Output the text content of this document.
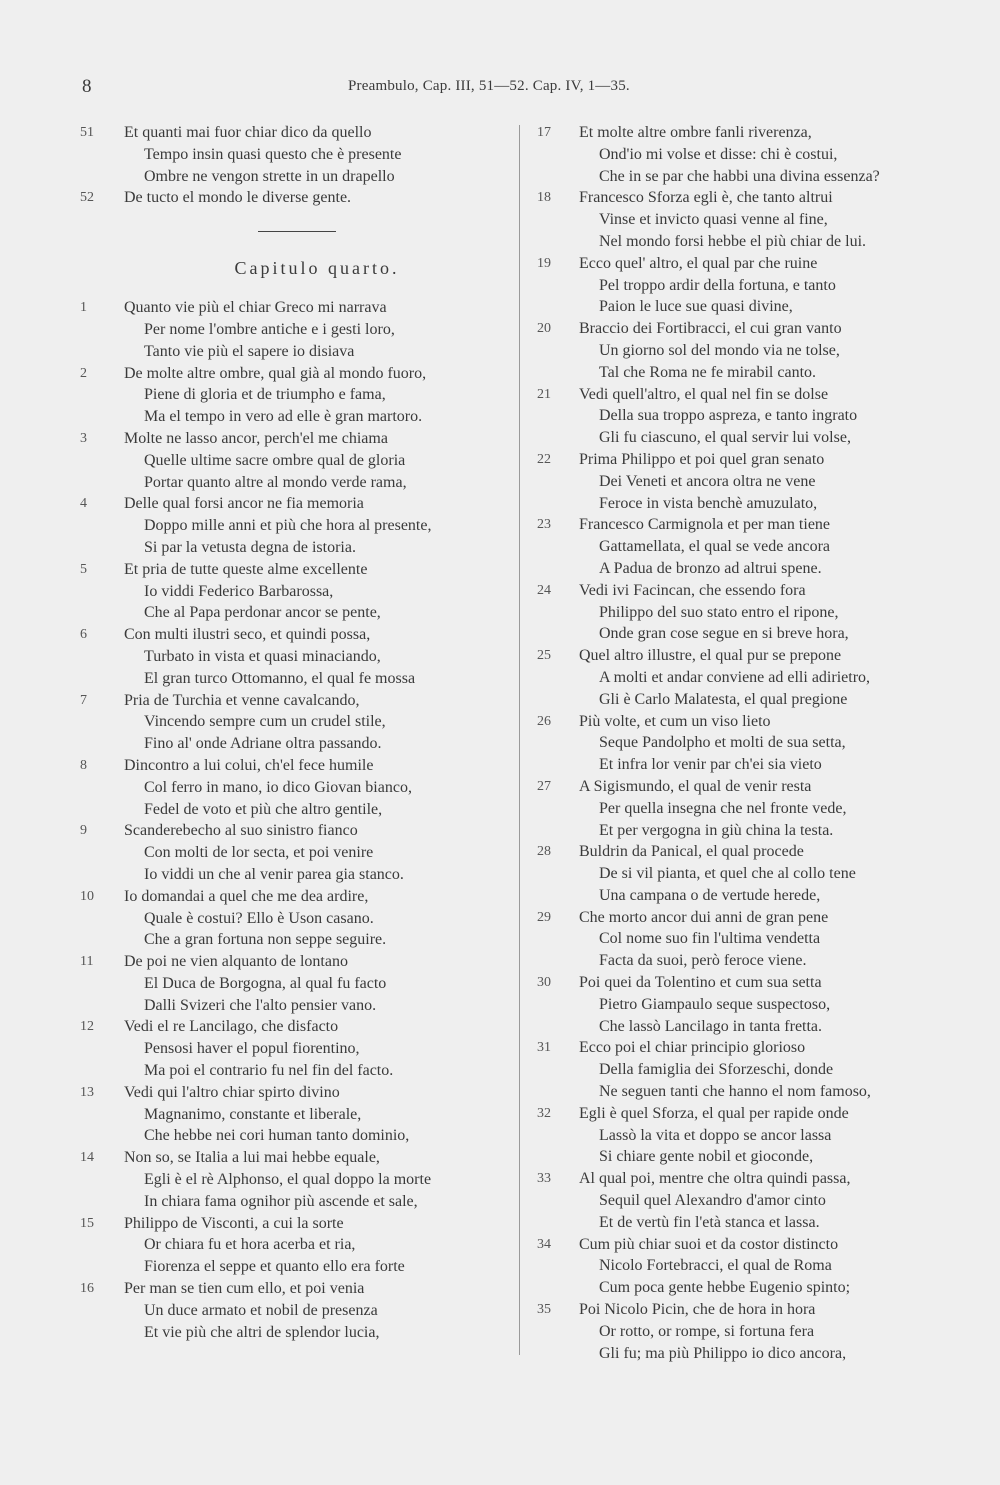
8	Preambulo, Cap. III, 51—52. Cap. IV, 1—35.
51	Et quanti mai fuor chiar dico da quello
Tempo insin quasi questo che è presente
Ombre ne vengon strette in un drapello
52	De tucto el mondo le diverse gente.
Capitulo quarto.
1	Quanto vie più el chiar Greco mi narrava
Per nome l'ombre antiche e i gesti loro,
Tanto vie più el sapere io disiava
2	De molte altre ombre, qual già al mondo fuoro,
Piene di gloria et de triumpho e fama,
Ma el tempo in vero ad elle è gran martoro.
3	Molte ne lasso ancor, perch'el me chiama
Quelle ultime sacre ombre qual de gloria
Portar quanto altre al mondo verde rama,
4	Delle qual forsi ancor ne fia memoria
Doppo mille anni et più che hora al presente,
Si par la vetusta degna de istoria.
5	Et pria de tutte queste alme excellente
Io viddi Federico Barbarossa,
Che al Papa perdonar ancor se pente,
6	Con multi ilustri seco, et quindi possa,
Turbato in vista et quasi minaciando,
El gran turco Ottomanno, el qual fe mossa
7	Pria de Turchia et venne cavalcando,
Vincendo sempre cum un crudel stile,
Fino al' onde Adriane oltra passando.
8	Dincontro a lui colui, ch'el fece humile
Col ferro in mano, io dico Giovan bianco,
Fedel de voto et più che altro gentile,
9	Scanderebecho al suo sinistro fianco
Con molti de lor secta, et poi venire
Io viddi un che al venir parea gia stanco.
10	Io domandai a quel che me dea ardire,
Quale è costui? Ello è Uson casano.
Che a gran fortuna non seppe seguire.
11	De poi ne vien alquanto de lontano
El Duca de Borgogna, al qual fu facto
Dalli Svizeri che l'alto pensier vano.
12	Vedi el re Lancilago, che disfacto
Pensosi haver el popul fiorentino,
Ma poi el contrario fu nel fin del facto.
13	Vedi qui l'altro chiar spirto divino
Magnanimo, constante et liberale,
Che hebbe nei cori human tanto dominio,
14	Non so, se Italia a lui mai hebbe equale,
Egli è el rè Alphonso, el qual doppo la morte
In chiara fama ognihor più ascende et sale,
15	Philippo de Visconti, a cui la sorte
Or chiara fu et hora acerba et ria,
Fiorenza el seppe et quanto ello era forte
16	Per man se tien cum ello, et poi venia
Un duce armato et nobil de presenza
Et vie più che altri de splendor lucia,
17	Et molte altre ombre fanli riverenza,
Ond'io mi volse et disse: chi è costui,
Che in se par che habbi una divina essenza?
18	Francesco Sforza egli è, che tanto altrui
Vinse et invicto quasi venne al fine,
Nel mondo forsi hebbe el più chiar de lui.
19	Ecco quel' altro, el qual par che ruine
Pel troppo ardir della fortuna, e tanto
Paion le luce sue quasi divine,
20	Braccio dei Fortibracci, el cui gran vanto
Un giorno sol del mondo via ne tolse,
Tal che Roma ne fe mirabil canto.
21	Vedi quell'altro, el qual nel fin se dolse
Della sua troppo aspreza, e tanto ingrato
Gli fu ciascuno, el qual servir lui volse,
22	Prima Philippo et poi quel gran senato
Dei Veneti et ancora oltra ne vene
Feroce in vista benchè amuzulato,
23	Francesco Carmignola et per man tiene
Gattamellata, el qual se vede ancora
A Padua de bronzo ad altrui spene.
24	Vedi ivi Facincan, che essendo fora
Philippo del suo stato entro el ripone,
Onde gran cose segue en si breve hora,
25	Quel altro illustre, el qual pur se prepone
A molti et andar conviene ad elli adirietro,
Gli è Carlo Malatesta, el qual pregione
26	Più volte, et cum un viso lieto
Seque Pandolpho et molti de sua setta,
Et infra lor venir par ch'ei sia vieto
27	A Sigismundo, el qual de venir resta
Per quella insegna che nel fronte vede,
Et per vergogna in giù china la testa.
28	Buldrin da Panical, el qual procede
De si vil pianta, et quel che al collo tene
Una campana o de vertude herede,
29	Che morto ancor dui anni de gran pene
Col nome suo fin l'ultima vendetta
Facta da suoi, però feroce viene.
30	Poi quei da Tolentino et cum sua setta
Pietro Giampaulo seque suspectoso,
Che lassò Lancilago in tanta fretta.
31	Ecco poi el chiar principio glorioso
Della famiglia dei Sforzeschi, donde
Ne seguen tanti che hanno el nom famoso,
32	Egli è quel Sforza, el qual per rapide onde
Lassò la vita et doppo se ancor lassa
Si chiare gente nobil et gioconde,
33	Al qual poi, mentre che oltra quindi passa,
Sequil quel Alexandro d'amor cinto
Et de vertù fin l'età stanca et lassa.
34	Cum più chiar suoi et da costor distincto
Nicolo Fortebracci, el qual de Roma
Cum poca gente hebbe Eugenio spinto;
35	Poi Nicolo Picin, che de hora in hora
Or rotto, or rompe, si fortuna fera
Gli fu; ma più Philippo io dico ancora,
